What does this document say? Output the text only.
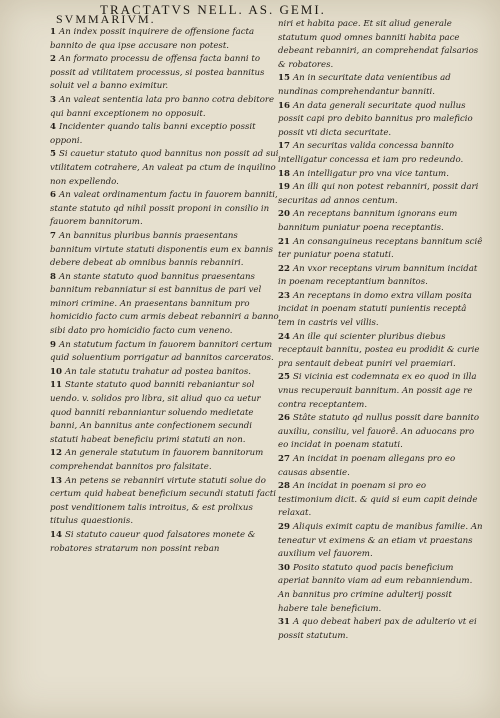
TRACTATVS NELL. AS. GEMI.
SVMMARIVM.

1 An index possit inquirere de offensione facta bannito de qua ipse accusare non potest.

2 An formato processu de offensa facta banni to possit ad vtilitatem processus, si postea bannitus soluit vel a banno eximitur.

3 An valeat sententia lata pro banno cotra debitore qui banni exceptionem no opposuit.

4 Incidenter quando talis banni exceptio possit opponi.

5 Si cauetur statuto quod bannitus non possit ad sui vtilitatem cotrahere, An valeat pa ctum de inquilino non expellendo.

6 An valeat ordinamentum factu in fauorem banniti, stante statuto qd nihil possit proponi in consilio in fauorem bannitorum.

7 An bannitus pluribus bannis praesentans bannitum virtute statuti disponentis eum ex bannis debere debeat ab omnibus bannis rebanniri.

8 An stante statuto quod bannitus praesentans bannitum rebanniatur si est bannitus de pari vel minori crimine. An praesentans bannitum pro homicidio facto cum armis debeat rebanniri a banno sibi dato pro homicidio facto cum veneno.

9 An statutum factum in fauorem bannitori certum quid soluentium porrigatur ad bannitos carceratos.

10 An tale statutu trahatur ad postea banitos.

11 Stante statuto quod banniti rebaniantur sol uendo. v. solidos pro libra, sit aliud quo ca uetur quod banniti rebanniantur soluendo medietate banni, An bannitus ante confectionem secundi statuti habeat beneficiu primi statuti an non.

12 An generale statutum in fauorem bannitorum comprehendat bannitos pro falsitate.

13 An petens se rebanniri virtute statuti solue do certum quid habeat beneficium secundi statuti facti post venditionem talis introitus, & est prolixus titulus quaestionis.

14 Si statuto caueur quod falsatores monete & robatores stratarum non possint reban

niri et habita pace. Et sit aliud generale statutum quod omnes banniti habita pace debeant rebanniri, an comprehendat falsarios & robatores.

15 An in securitate data venientibus ad nundinas comprehendantur banniti.

16 An data generali securitate quod nullus possit capi pro debito bannitus pro maleficio possit vti dicta securitate.

17 An securitas valida concessa bannito intelligatur concessa et iam pro redeundo.

18 An intelligatur pro vna vice tantum.

19 An illi qui non potest rebanniri, possit dari securitas ad annos centum.

20 An receptans bannitum ignorans eum bannitum puniatur poena receptantis.

21 An consanguineus receptans bannitum sciê ter puniatur poena statuti.

22 An vxor receptans virum bannitum incidat in poenam receptantium bannitos.

23 An receptans in domo extra villam posita incidat in poenam statuti punientis receptâ tem in castris vel villis.

24 An ille qui scienter pluribus diebus receptauit bannitu, postea eu prodidit & curie pra sentauit debeat puniri vel praemiari.

25 Si vicinia est codemnata ex eo quod in illa vnus recuperauit bannitum. An possit age re contra receptantem.

26 Stâte statuto qd nullus possit dare bannito auxiliu, consiliu, vel fauorê. An aduocans pro eo incidat in poenam statuti.

27 An incidat in poenam allegans pro eo causas absentie.

28 An incidat in poenam si pro eo testimonium dicit. & quid si eum capit deinde relaxat.

29 Aliquis eximit captu de manibus familie. An teneatur vt eximens & an etiam vt praestans auxilium vel fauorem.

30 Posito statuto quod pacis beneficium aperiat bannito viam ad eum rebanniendum. An bannitus pro crimine adulterij possit habere tale beneficium.

31 A quo debeat haberi pax de adulterio vt ei possit statutum.
